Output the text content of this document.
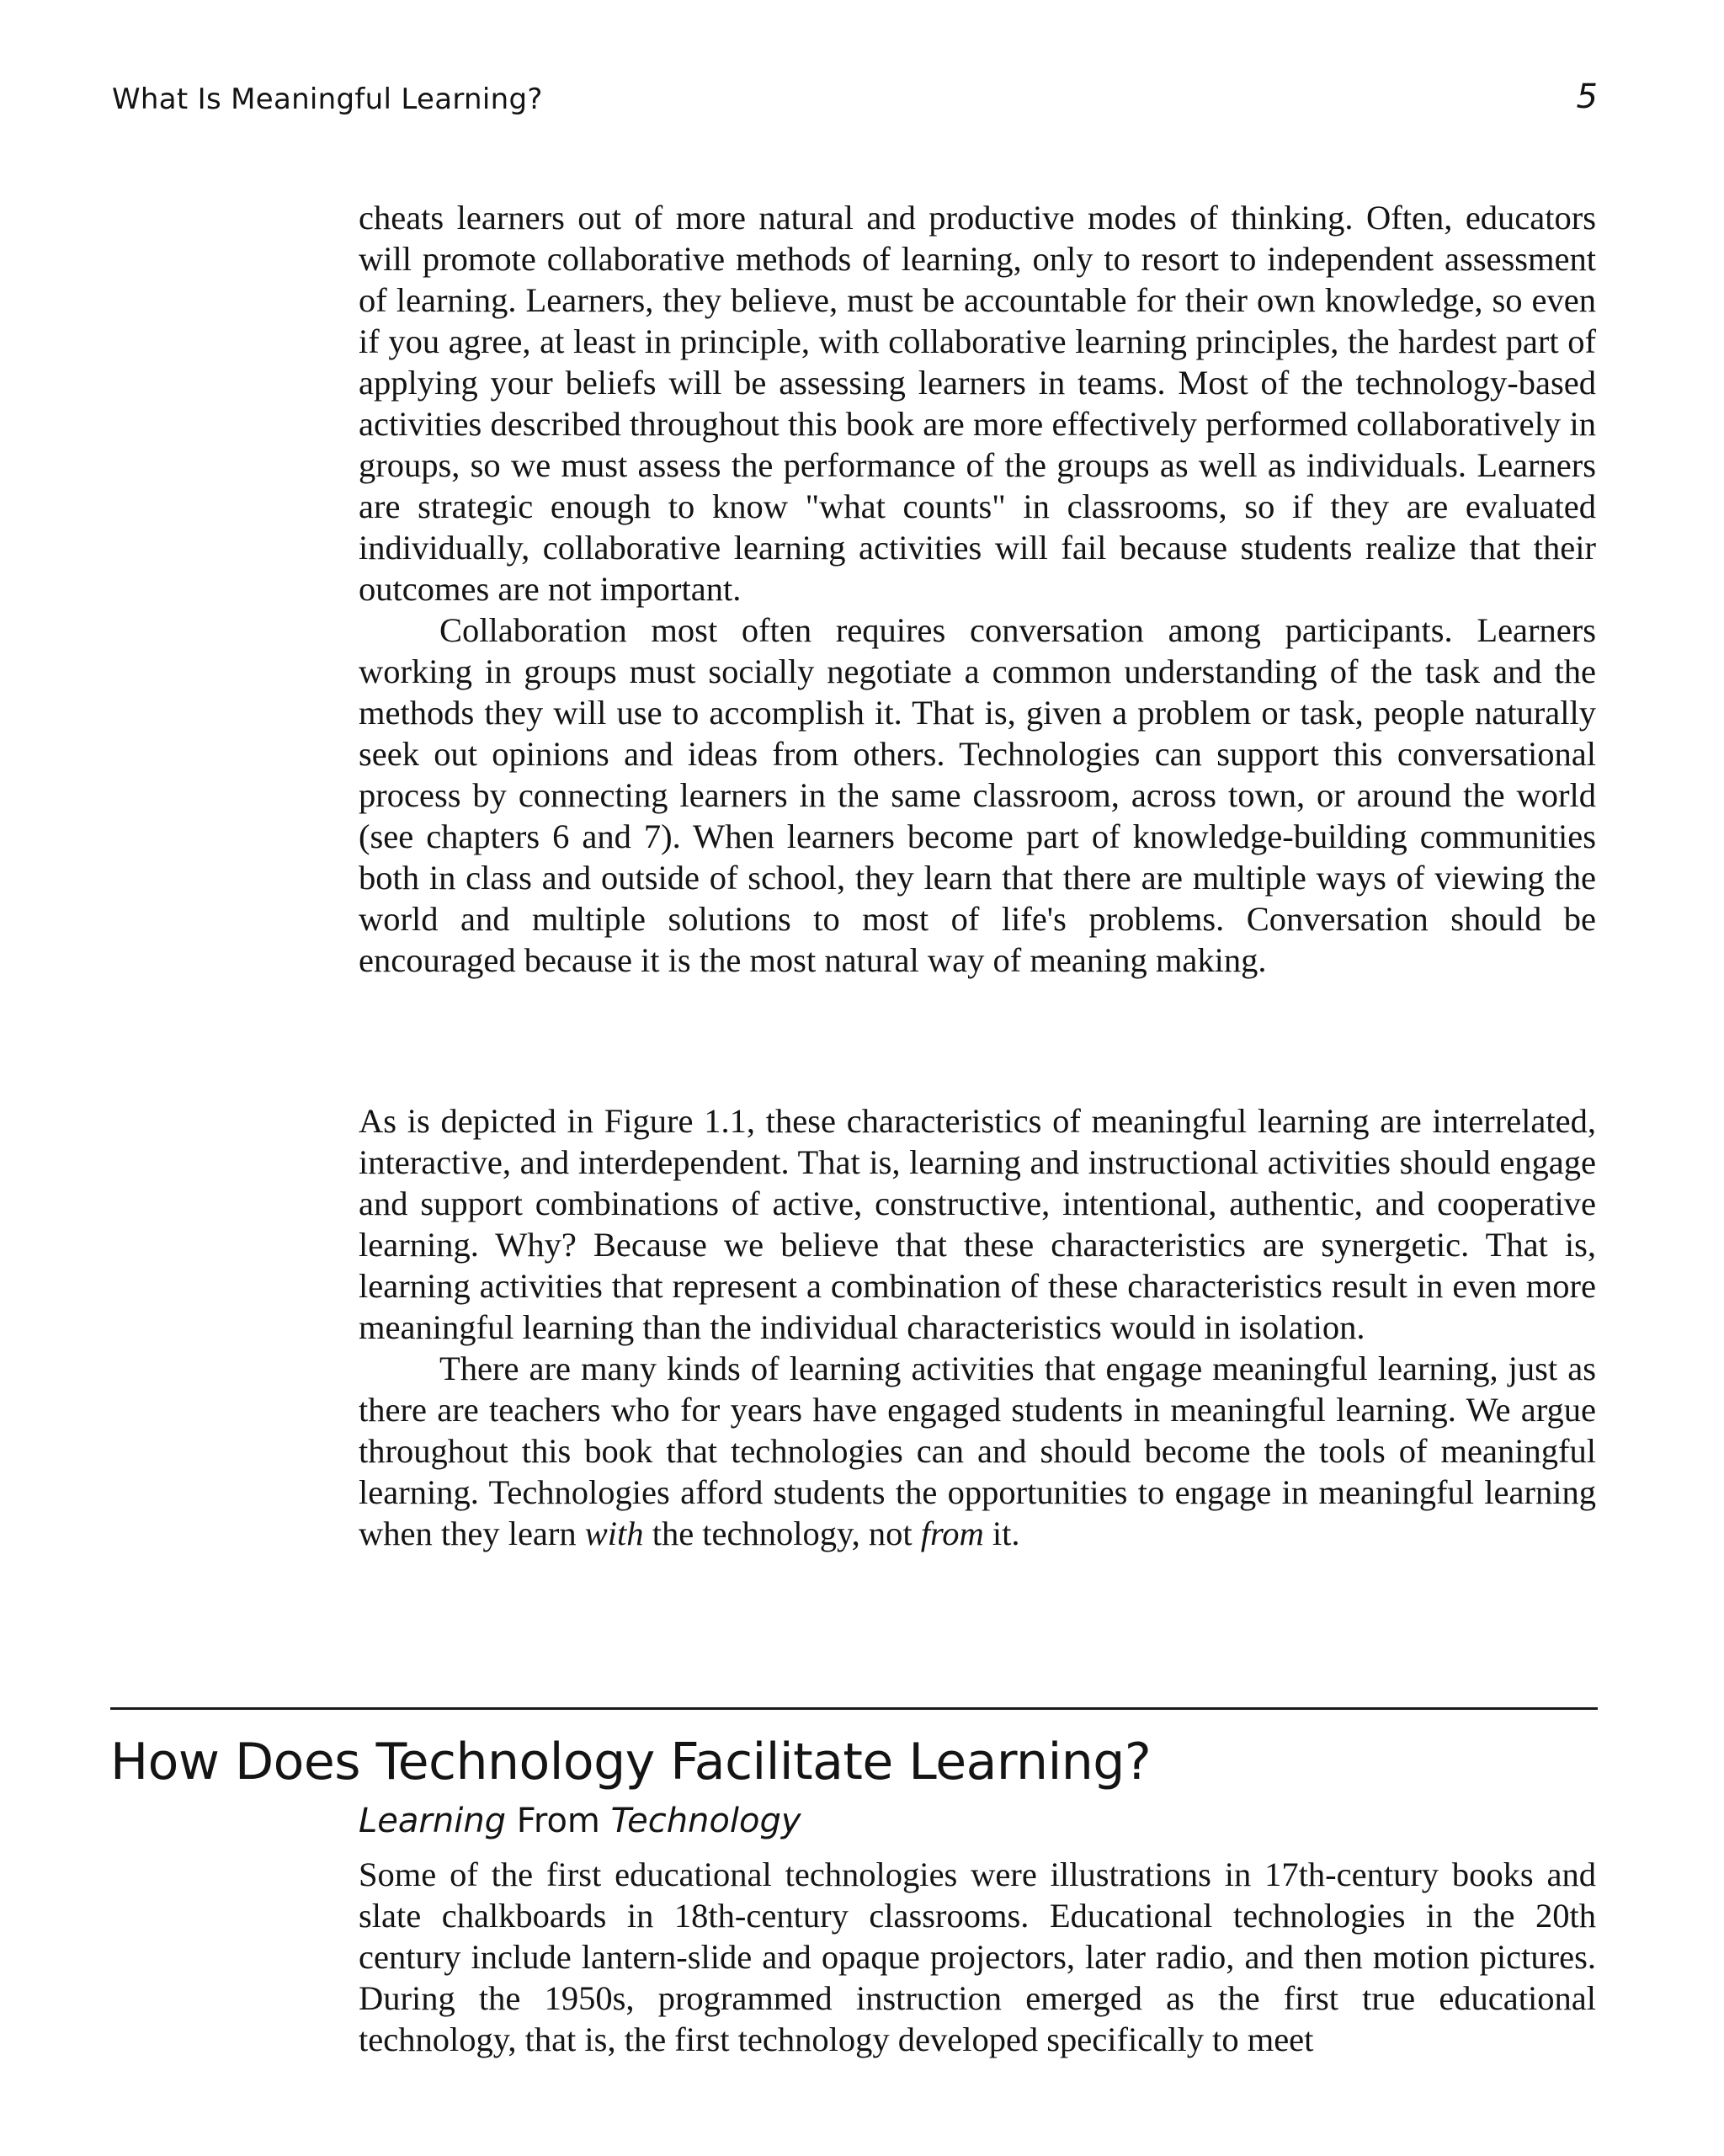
What Is Meaningful Learning?	5

cheats learners out of more natural and productive modes of thinking. Often, educators will promote collaborative methods of learning, only to resort to independent assessment of learning. Learners, they believe, must be accountable for their own knowledge, so even if you agree, at least in principle, with collaborative learning principles, the hardest part of applying your beliefs will be assessing learners in teams. Most of the technology-based activities described throughout this book are more effectively performed collaboratively in groups, so we must assess the performance of the groups as well as individuals. Learners are strategic enough to know "what counts" in classrooms, so if they are evaluated individually, collaborative learning activities will fail because students realize that their outcomes are not important.

Collaboration most often requires conversation among participants. Learners working in groups must socially negotiate a common understanding of the task and the methods they will use to accomplish it. That is, given a problem or task, people naturally seek out opinions and ideas from others. Technologies can support this conversational process by connecting learners in the same classroom, across town, or around the world (see chapters 6 and 7). When learners become part of knowledge-building communities both in class and outside of school, they learn that there are multiple ways of viewing the world and multiple solutions to most of life's problems. Conversation should be encouraged because it is the most natural way of meaning making.

As is depicted in Figure 1.1, these characteristics of meaningful learning are interrelated, interactive, and interdependent. That is, learning and instructional activities should engage and support combinations of active, constructive, intentional, authentic, and cooperative learning. Why? Because we believe that these characteristics are synergetic. That is, learning activities that represent a combination of these characteristics result in even more meaningful learning than the individual characteristics would in isolation.

There are many kinds of learning activities that engage meaningful learning, just as there are teachers who for years have engaged students in meaningful learning. We argue throughout this book that technologies can and should become the tools of meaningful learning. Technologies afford students the opportunities to engage in meaningful learning when they learn with the technology, not from it.

How Does Technology Facilitate Learning?
Learning From Technology

Some of the first educational technologies were illustrations in 17th-century books and slate chalkboards in 18th-century classrooms. Educational technologies in the 20th century include lantern-slide and opaque projectors, later radio, and then motion pictures. During the 1950s, programmed instruction emerged as the first true educational technology, that is, the first technology developed specifically to meet
